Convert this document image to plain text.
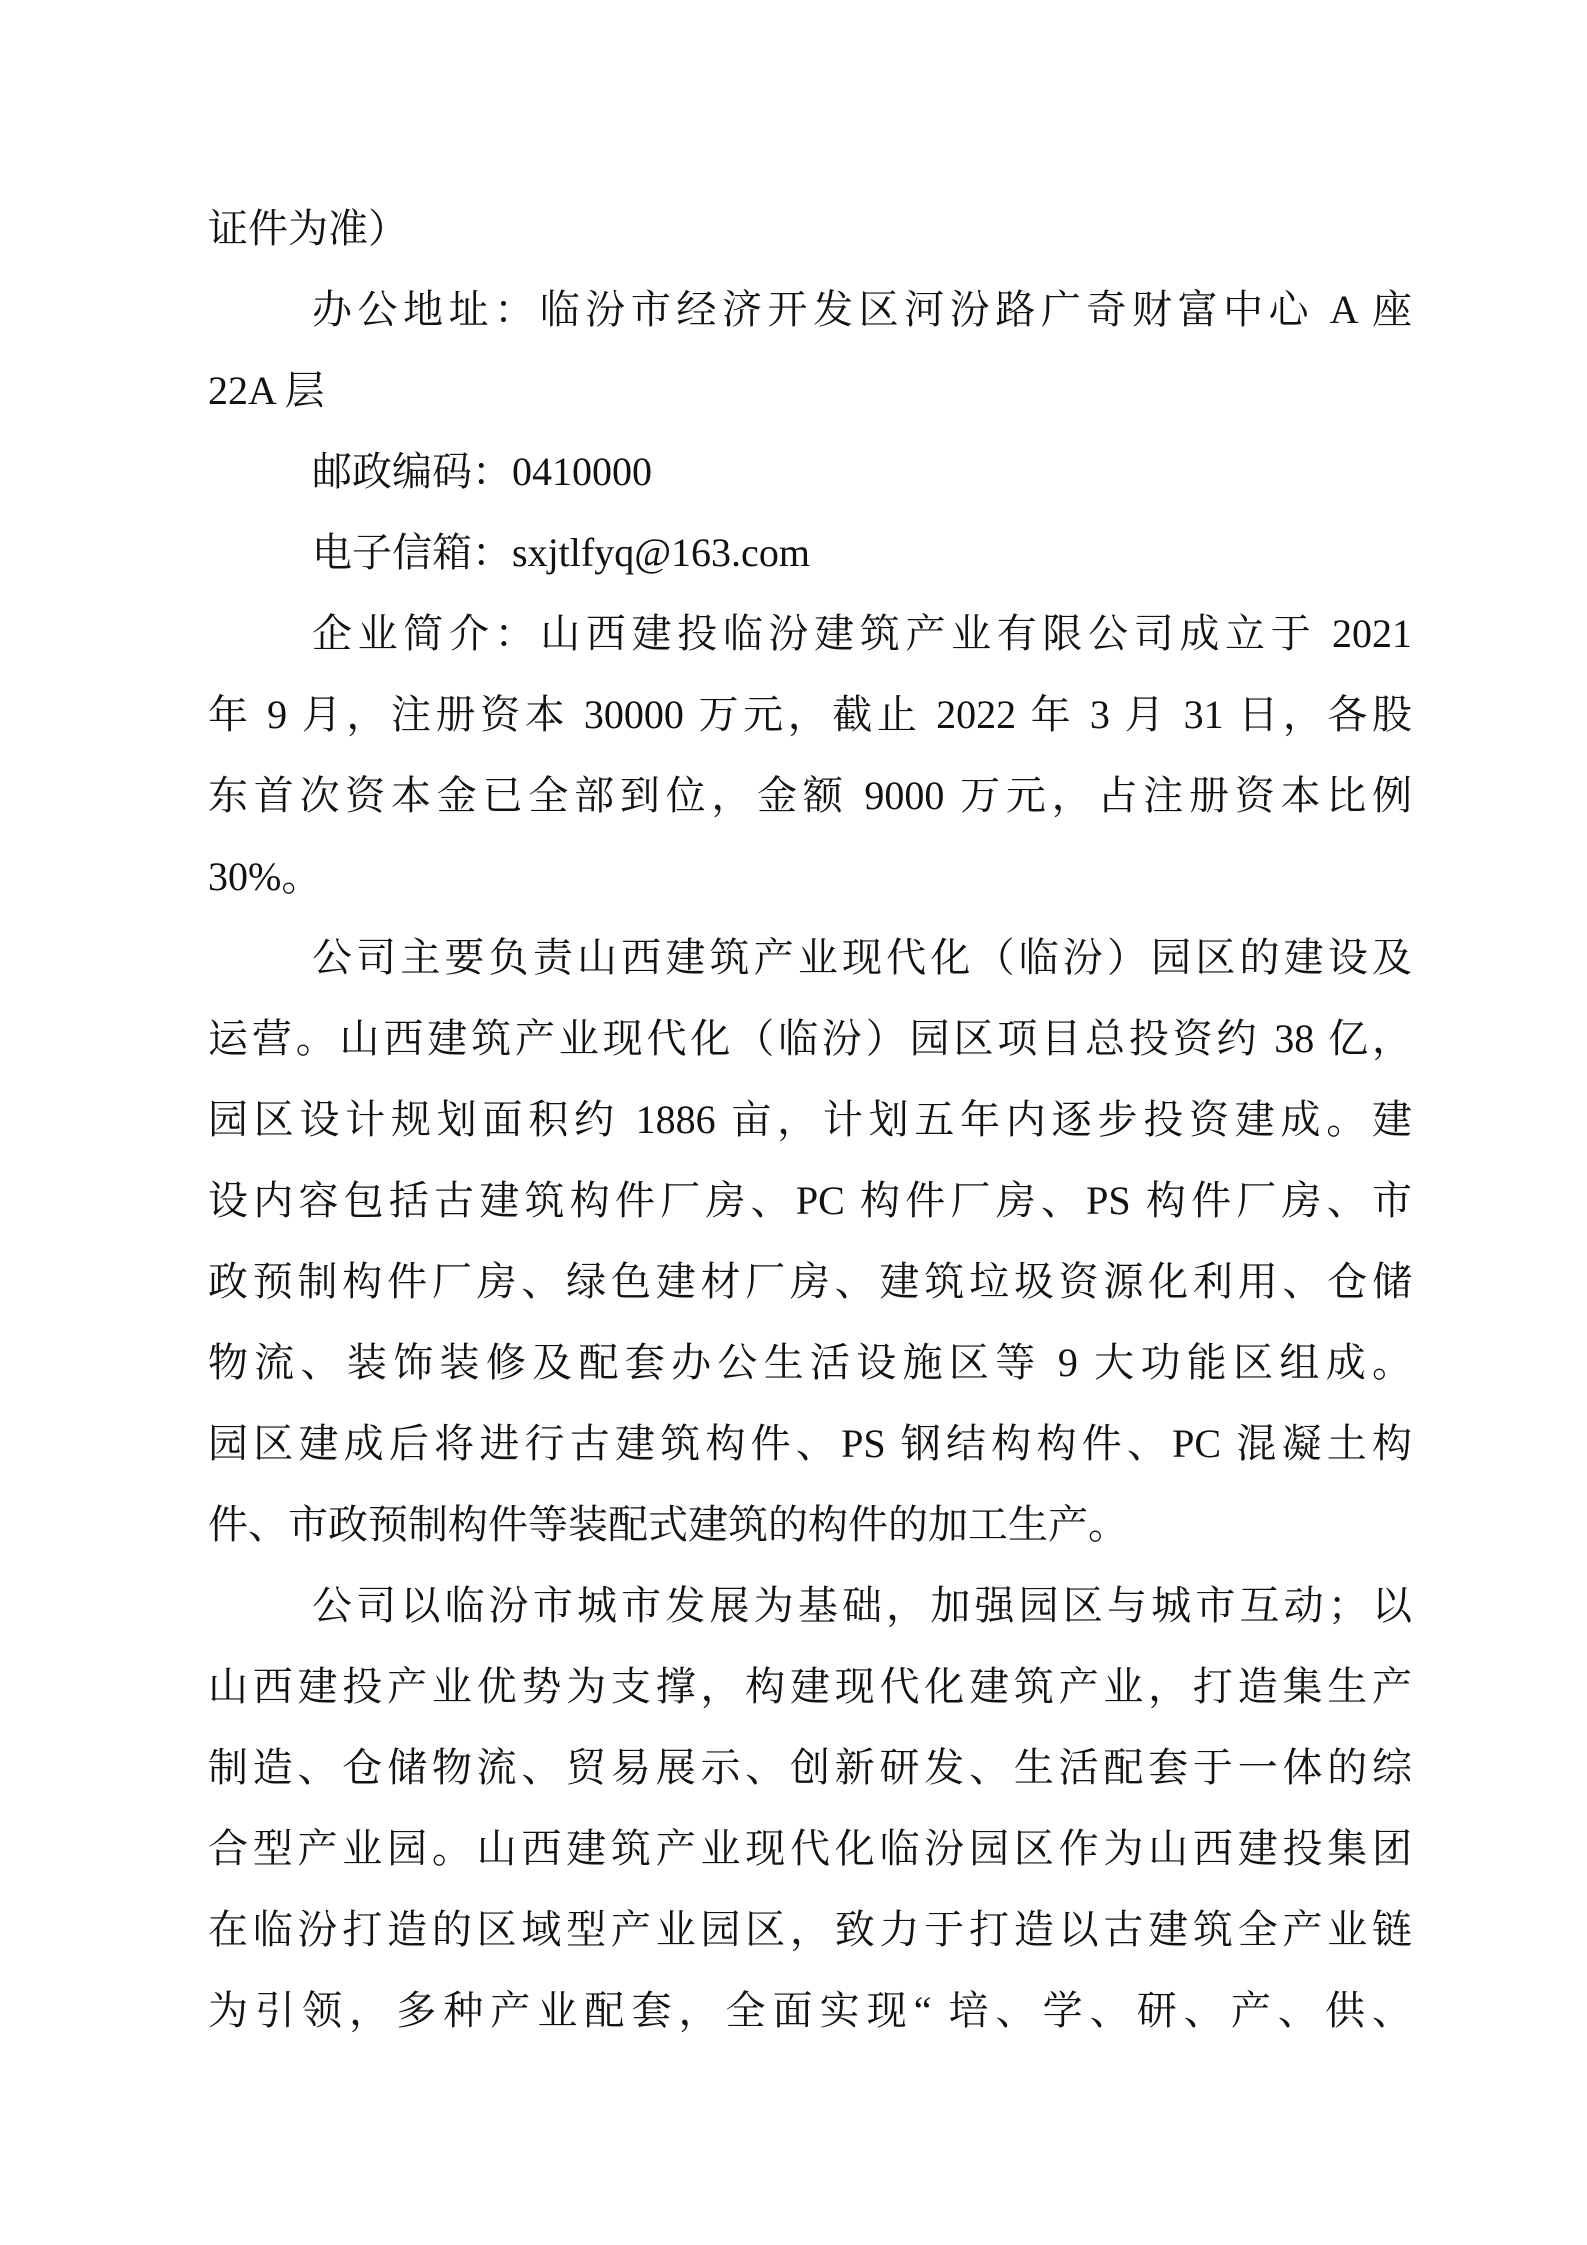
证件为准）
办公地址：临汾市经济开发区河汾路广奇财富中心 A 座
22A 层
邮政编码：0410000
电子信箱：sxjtlfyq@163.com
企业简介：山西建投临汾建筑产业有限公司成立于 2021
年 9 月，注册资本 30000 万元，截止 2022 年 3 月 31 日，各股
东首次资本金已全部到位，金额 9000 万元，占注册资本比例
30%。
公司主要负责山西建筑产业现代化（临汾）园区的建设及
运营。山西建筑产业现代化（临汾）园区项目总投资约 38 亿，
园区设计规划面积约 1886 亩，计划五年内逐步投资建成。建
设内容包括古建筑构件厂房、PC 构件厂房、PS 构件厂房、市
政预制构件厂房、绿色建材厂房、建筑垃圾资源化利用、仓储
物流、装饰装修及配套办公生活设施区等 9 大功能区组成。
园区建成后将进行古建筑构件、PS 钢结构构件、PC 混凝土构
件、市政预制构件等装配式建筑的构件的加工生产。
公司以临汾市城市发展为基础，加强园区与城市互动；以
山西建投产业优势为支撑，构建现代化建筑产业，打造集生产
制造、仓储物流、贸易展示、创新研发、生活配套于一体的综
合型产业园。山西建筑产业现代化临汾园区作为山西建投集团
在临汾打造的区域型产业园区，致力于打造以古建筑全产业链
为引领，多种产业配套，全面实现“ 培、学、研、产、供、
